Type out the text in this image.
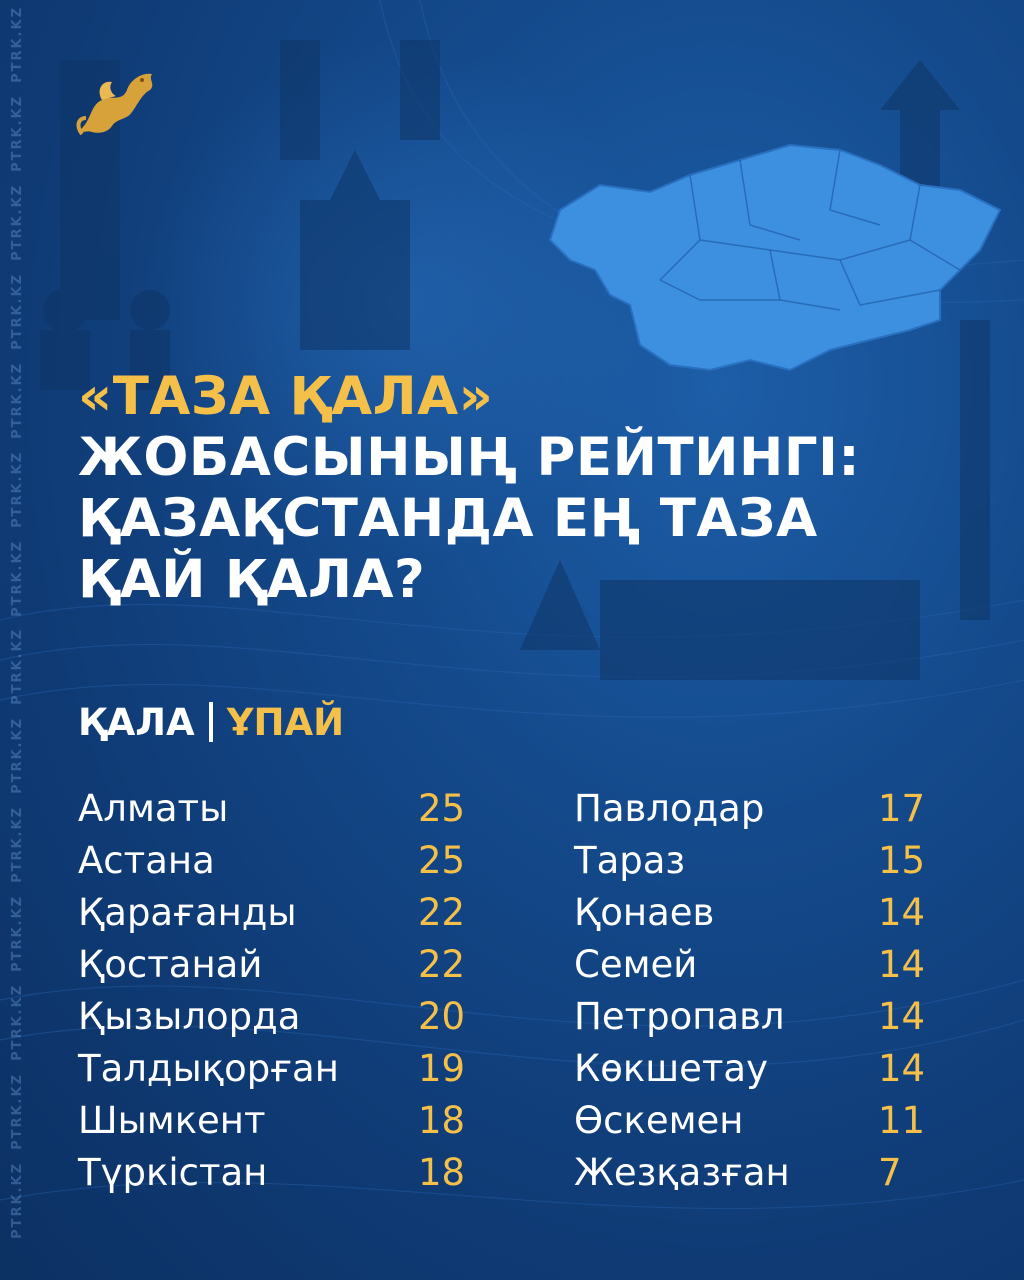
PTRK.KZ
PTRK.KZ
PTRK.KZ
PTRK.KZ
PTRK.KZ
PTRK.KZ
PTRK.KZ
PTRK.KZ
PTRK.KZ
PTRK.KZ
PTRK.KZ
PTRK.KZ
PTRK.KZ
PTRK.KZ
«ТАЗА ҚАЛА»
ЖОБАСЫНЫҢ РЕЙТИНГІ:
ҚАЗАҚСТАНДА ЕҢ ТАЗА
ҚАЙ ҚАЛА?
ҚАЛА ҰПАЙ
Алматы	25
Астана	25
Қарағанды	22
Қостанай	22
Қызылорда	20
Талдықорған 19
Шымкент	18
Түркістан	18
Павлодар	17
Тараз	15
Қонаев	14
Семей	14
Петропавл	14
Көкшетау	14
Өскемен	11
Жезқазған 7
